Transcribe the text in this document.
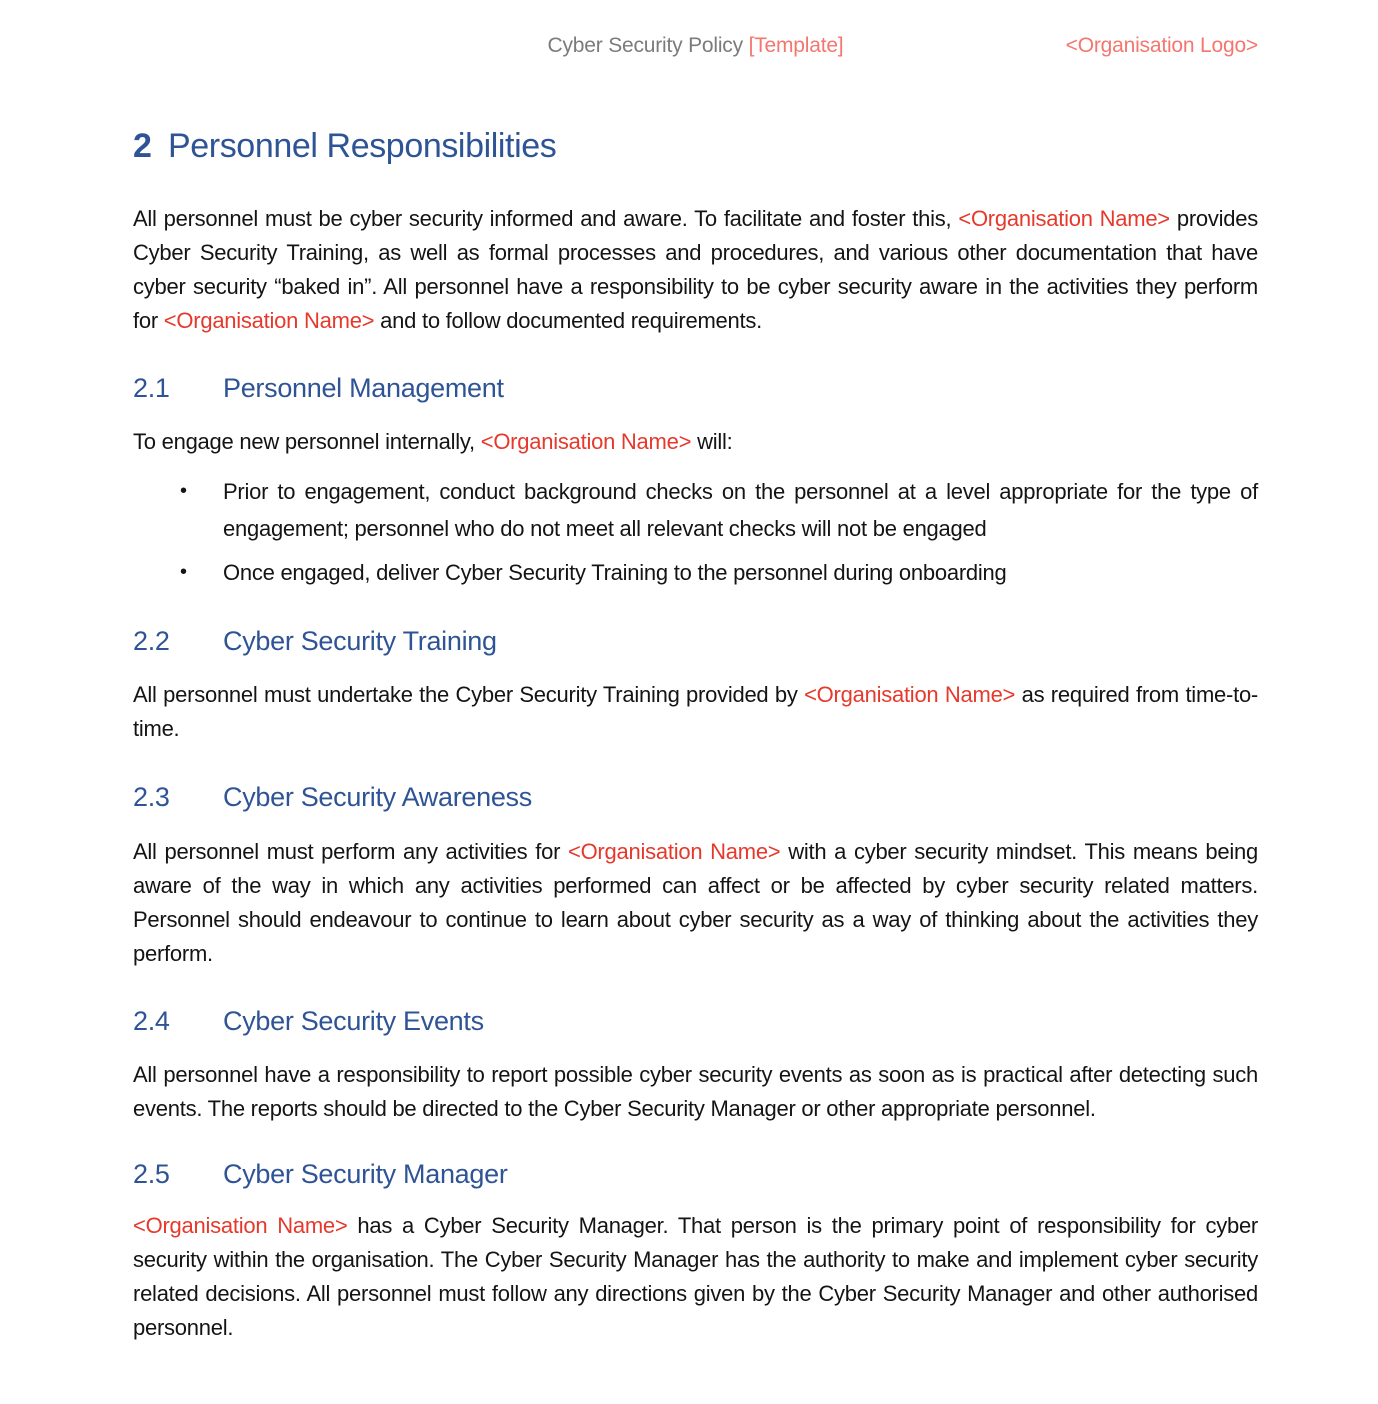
Cyber Security Policy [Template]	<Organisation Logo>
2 Personnel Responsibilities

All personnel must be cyber security informed and aware. To facilitate and foster this, <Organisation Name> provides Cyber Security Training, as well as formal processes and procedures, and various other documentation that have cyber security “baked in”. All personnel have a responsibility to be cyber security aware in the activities they perform for <Organisation Name> and to follow documented requirements.

2.1 Personnel Management

To engage new personnel internally, <Organisation Name> will:

• Prior to engagement, conduct background checks on the personnel at a level appropriate for the type of engagement; personnel who do not meet all relevant checks will not be engaged
• Once engaged, deliver Cyber Security Training to the personnel during onboarding
2.2 Cyber Security Training

All personnel must undertake the Cyber Security Training provided by <Organisation Name> as required from time-to-time.

2.3 Cyber Security Awareness

All personnel must perform any activities for <Organisation Name> with a cyber security mindset. This means being aware of the way in which any activities performed can affect or be affected by cyber security related matters. Personnel should endeavour to continue to learn about cyber security as a way of thinking about the activities they perform.

2.4 Cyber Security Events

All personnel have a responsibility to report possible cyber security events as soon as is practical after detecting such events. The reports should be directed to the Cyber Security Manager or other appropriate personnel.

2.5 Cyber Security Manager

<Organisation Name> has a Cyber Security Manager. That person is the primary point of responsibility for cyber security within the organisation. The Cyber Security Manager has the authority to make and implement cyber security related decisions. All personnel must follow any directions given by the Cyber Security Manager and other authorised personnel.
